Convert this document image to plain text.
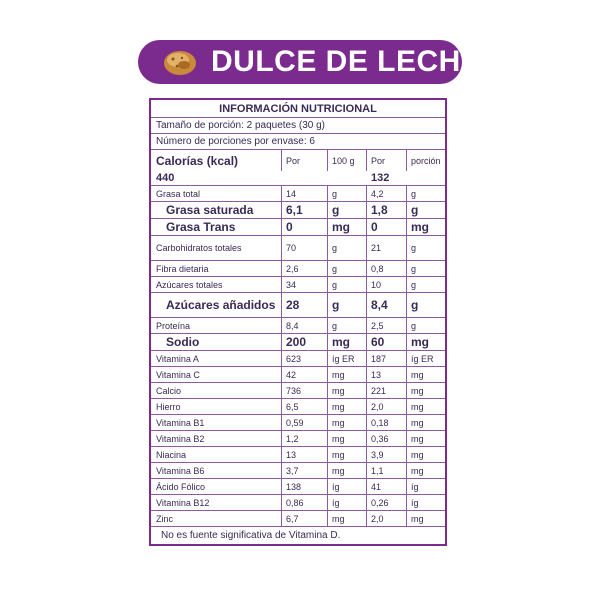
DULCE DE LECHE
INFORMACIÓN NUTRICIONAL
Tamaño de porción: 2 paquetes (30 g)
Número de porciones por envase: 6
Calorías (kcal)	Por	100 g	Por	porción
440	132
Grasa total	14	g	4,2	g
Grasa saturada	6,1	g	1,8	g
Grasa Trans	0	mg	0	mg
Carbohidratos totales	70	g	21	g
Fibra dietaria	2,6	g	0,8	g
Azúcares totales	34	g	10	g
Azúcares añadidos 28	g	8,4	g
Proteína	8,4	g	2,5	g
Sodio	200	mg	60	mg
Vitamina A	623	íg ER	187	íg ER
Vitamina C	42	mg	13	mg
Calcio	736	mg	221	mg
Hierro	6,5	mg	2,0	mg
Vitamina B1	0,59	mg	0,18	mg
Vitamina B2	1,2	mg	0,36	mg
Niacina	13	mg	3,9	mg
Vitamina B6	3,7	mg	1,1	mg
Ácido Fólico	138	íg	41	íg
Vitamina B12	0,86	íg	0,26	íg
Zinc	6,7	mg	2,0	mg
No es fuente significativa de Vitamina D.
